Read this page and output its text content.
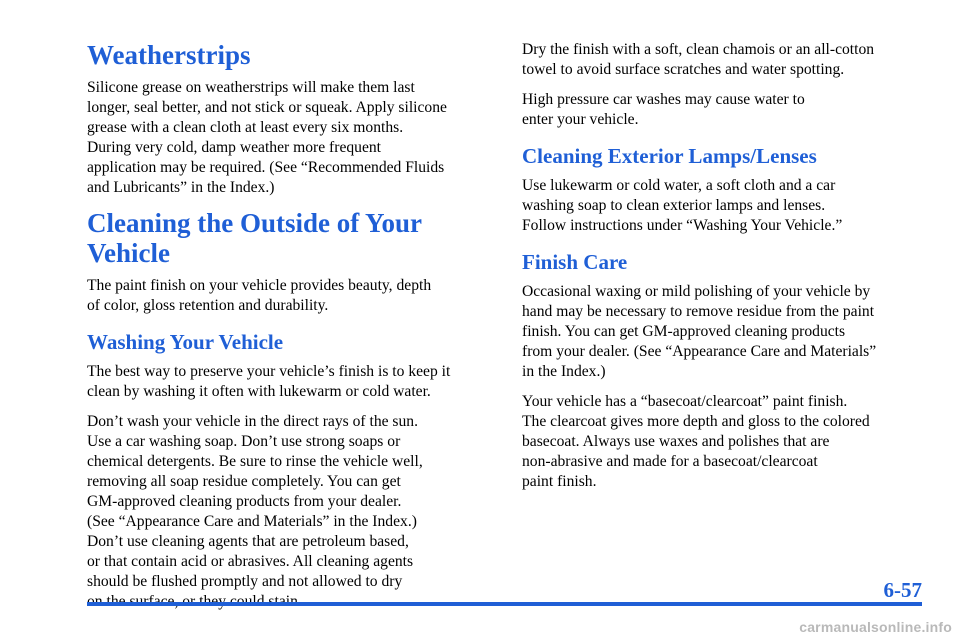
Weatherstrips

Silicone grease on weatherstrips will make them last
longer, seal better, and not stick or squeak. Apply silicone
grease with a clean cloth at least every six months.
During very cold, damp weather more frequent
application may be required. (See “Recommended Fluids
and Lubricants” in the Index.)

Cleaning the Outside of Your Vehicle

The paint finish on your vehicle provides beauty, depth
of color, gloss retention and durability.

Washing Your Vehicle

The best way to preserve your vehicle’s finish is to keep it
clean by washing it often with lukewarm or cold water.

Don’t wash your vehicle in the direct rays of the sun.
Use a car washing soap. Don’t use strong soaps or
chemical detergents. Be sure to rinse the vehicle well,
removing all soap residue completely. You can get
GM‑approved cleaning products from your dealer.
(See “Appearance Care and Materials” in the Index.)
Don’t use cleaning agents that are petroleum based,
or that contain acid or abrasives. All cleaning agents
should be flushed promptly and not allowed to dry

Dry the finish with a soft, clean chamois or an all‑cotton
towel to avoid surface scratches and water spotting.

High pressure car washes may cause water to
enter your vehicle.

Cleaning Exterior Lamps/Lenses

Use lukewarm or cold water, a soft cloth and a car
washing soap to clean exterior lamps and lenses.
Follow instructions under “Washing Your Vehicle.”

Finish Care

Occasional waxing or mild polishing of your vehicle by
hand may be necessary to remove residue from the paint
finish. You can get GM‑approved cleaning products
from your dealer. (See “Appearance Care and Materials”
in the Index.)

Your vehicle has a “basecoat/clearcoat” paint finish.
The clearcoat gives more depth and gloss to the colored
basecoat. Always use waxes and polishes that are
non‑abrasive and made for a basecoat/clearcoat
paint finish.

6-57
carmanualsonline.info
